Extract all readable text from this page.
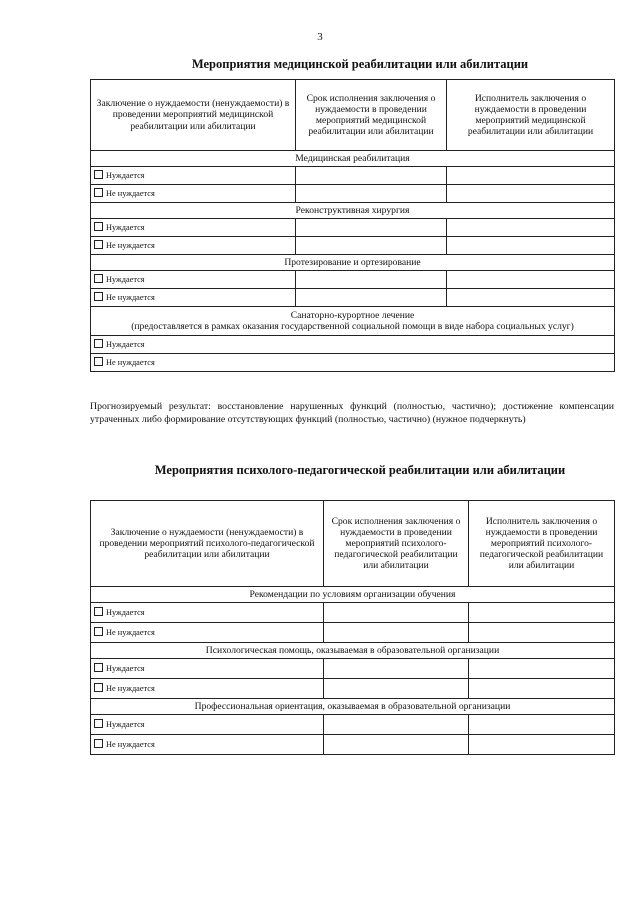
3
Мероприятия медицинской реабилитации или абилитации
Заключение о нуждаемости (ненуждаемости) в проведении мероприятий медицинской реабилитации или абилитации	Срок исполнения заключения о нуждаемости в проведении мероприятий медицинской реабилитации или абилитации	Исполнитель заключения о нуждаемости в проведении мероприятий медицинской реабилитации или абилитации
Медицинская реабилитация		
Нуждается		
Не нуждается		
Реконструктивная хирургия		
Нуждается		
Не нуждается		
Протезирование и ортезирование		
Нуждается		
Не нуждается		

Санаторно-курортное лечение
(предоставляется в рамках оказания государственной социальной помощи в виде набора социальных услуг)		

Нуждается		
Не нуждается		
Прогнозируемый результат: восстановление нарушенных функций (полностью, частично); достижение компенсации утраченных либо формирование отсутствующих функций (полностью, частично) (нужное подчеркнуть)
Мероприятия психолого-педагогической реабилитации или абилитации
Заключение о нуждаемости (ненуждаемости) в проведении мероприятий психолого-педагогической реабилитации или абилитации	Срок исполнения заключения о нуждаемости в проведении мероприятий психолого-педагогической реабилитации или абилитации	Исполнитель заключения о нуждаемости в проведении мероприятий психолого-педагогической реабилитации или абилитации
Рекомендации по условиям организации обучения		
Нуждается		
Не нуждается		
Психологическая помощь, оказываемая в образовательной организации		
Нуждается		
Не нуждается		
Профессиональная ориентация, оказываемая в образовательной организации		
Нуждается		
Не нуждается		
